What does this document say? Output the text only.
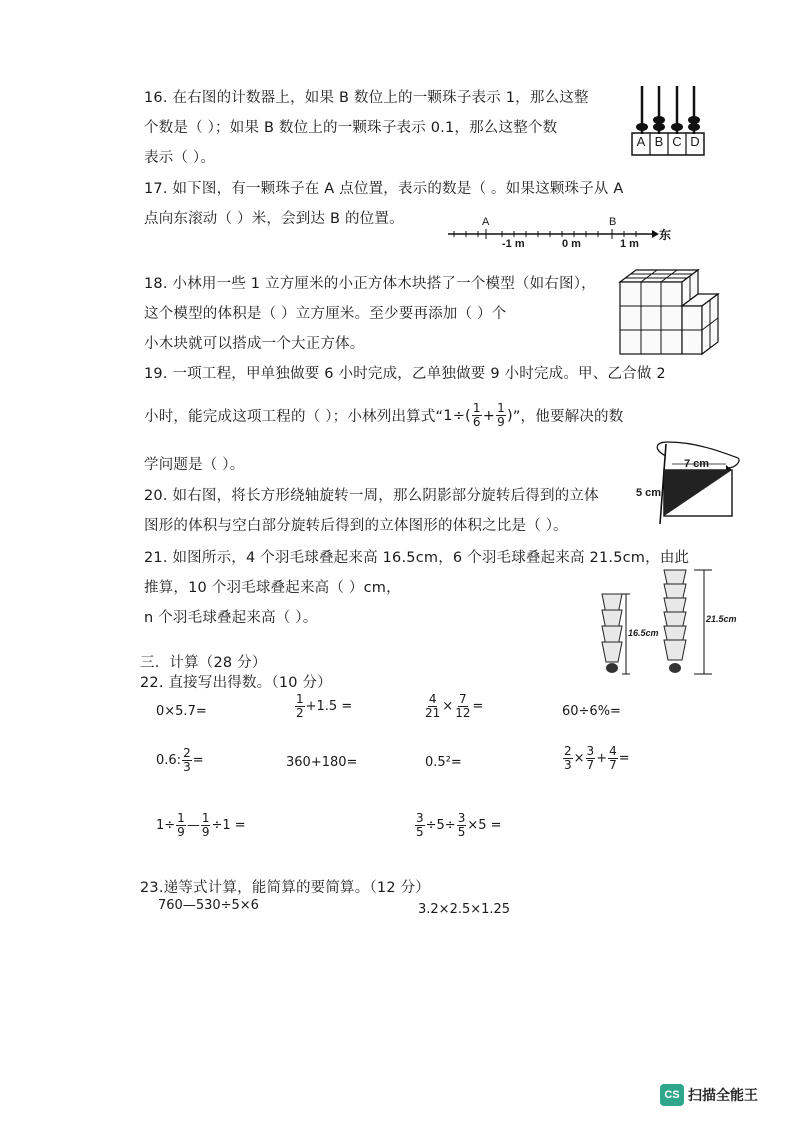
16. 在右图的计数器上，如果 B 数位上的一颗珠子表示 1，那么这整
个数是（ ）；如果 B 数位上的一颗珠子表示 0.1，那么这整个数
表示（ ）。
A B C D
17. 如下图，有一颗珠子在 A 点位置，表示的数是（ 。如果这颗珠子从 A
点向东滚动（ ）米，会到达 B 的位置。	A	B
-1 m	0 m	1 m
东
18. 小林用一些 1 立方厘米的小正方体木块搭了一个模型（如右图），
这个模型的体积是（ ）立方厘米。至少要再添加（ ）个
小木块就可以搭成一个大正方体。
19. 一项工程，甲单独做要 6 小时完成，乙单独做要 9 小时完成。甲、乙合做 2
小时，能完成这项工程的（ ）；小林列出算式“ $1\div( \frac{1}{6} + \frac{1}{9}$ ) ”，他要解决的数
学问题是（ ）。
20. 如右图，将长方形绕轴旋转一周，那么阴影部分旋转后得到的立体
图形的体积与空白部分旋转后得到的立体图形的体积之比是（ ）。
7 cm
5 cm
21. 如图所示，4 个羽毛球叠起来高 16.5cm，6 个羽毛球叠起来高 21.5cm，由此
推算，10 个羽毛球叠起来高（ ）cm，
n 个羽毛球叠起来高（ ）。
16.5cm
21.5cm
三．计算（28 分）
22. 直接写出得数。（10 分）
0×5.7=	$\frac{1}{2} +1.5$ =	$\frac{4}{21} \times \frac{7}{12}$ =	60÷6%=
0.6: $\frac{2}{3}$ =	360+180=	0.5²=	$\frac{2}{3} \times \frac{3}{7} + \frac{4}{7}$ =
$1\div \frac{1}{9}$ — $\frac{1}{9} \div 1$ =	$\frac{3}{5} \div 5\div \frac{3}{5} \times 5$ =
23.递等式计算，能简算的要简算。（12 分）
760—530÷5×6	3.2×2.5×1.25
CS 扫描全能王
